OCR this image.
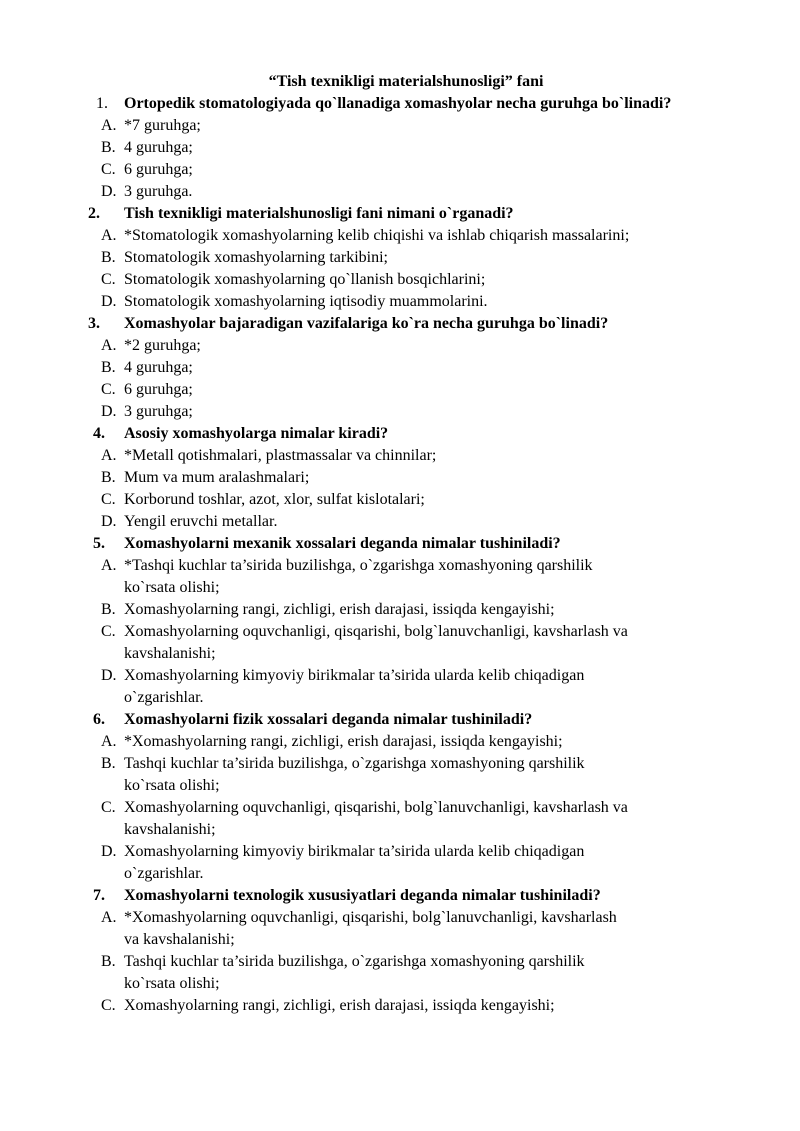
“Tish texnikligi materialshunosligi” fani
1. Ortopedik stomatologiyada qo`llanadiga xomashyolar necha guruhga bo`linadi?
A. *7 guruhga;
B. 4 guruhga;
C. 6 guruhga;
D. 3 guruhga.
2. Tish texnikligi materialshunosligi fani nimani o`rganadi?
A. *Stomatologik xomashyolarning kelib chiqishi va ishlab chiqarish massalarini;
B. Stomatologik xomashyolarning tarkibini;
C. Stomatologik xomashyolarning qo`llanish bosqichlarini;
D. Stomatologik xomashyolarning iqtisodiy muammolarini.
3. Xomashyolar bajaradigan vazifalariga ko`ra necha guruhga bo`linadi?
A. *2 guruhga;
B. 4 guruhga;
C. 6 guruhga;
D. 3 guruhga;
4. Asosiy xomashyolarga nimalar kiradi?
A. *Metall qotishmalari, plastmassalar va chinnilar;
B. Mum va mum aralashmalari;
C. Korborund toshlar, azot, xlor, sulfat kislotalari;
D. Yengil eruvchi metallar.
5. Xomashyolarni mexanik xossalari deganda nimalar tushiniladi?
A. *Tashqi kuchlar ta’sirida buzilishga, o`zgarishga xomashyoning qarshilik
ko`rsata olishi;
B. Xomashyolarning rangi, zichligi, erish darajasi, issiqda kengayishi;
C. Xomashyolarning oquvchanligi, qisqarishi, bolg`lanuvchanligi, kavsharlash va
kavshalanishi;
D. Xomashyolarning kimyoviy birikmalar ta’sirida ularda kelib chiqadigan
o`zgarishlar.
6. Xomashyolarni fizik xossalari deganda nimalar tushiniladi?
A. *Xomashyolarning rangi, zichligi, erish darajasi, issiqda kengayishi;
B. Tashqi kuchlar ta’sirida buzilishga, o`zgarishga xomashyoning qarshilik
ko`rsata olishi;
C. Xomashyolarning oquvchanligi, qisqarishi, bolg`lanuvchanligi, kavsharlash va
kavshalanishi;
D. Xomashyolarning kimyoviy birikmalar ta’sirida ularda kelib chiqadigan
o`zgarishlar.
7. Xomashyolarni texnologik xususiyatlari deganda nimalar tushiniladi?
A. *Xomashyolarning oquvchanligi, qisqarishi, bolg`lanuvchanligi, kavsharlash
va kavshalanishi;
B. Tashqi kuchlar ta’sirida buzilishga, o`zgarishga xomashyoning qarshilik
ko`rsata olishi;
C. Xomashyolarning rangi, zichligi, erish darajasi, issiqda kengayishi;
